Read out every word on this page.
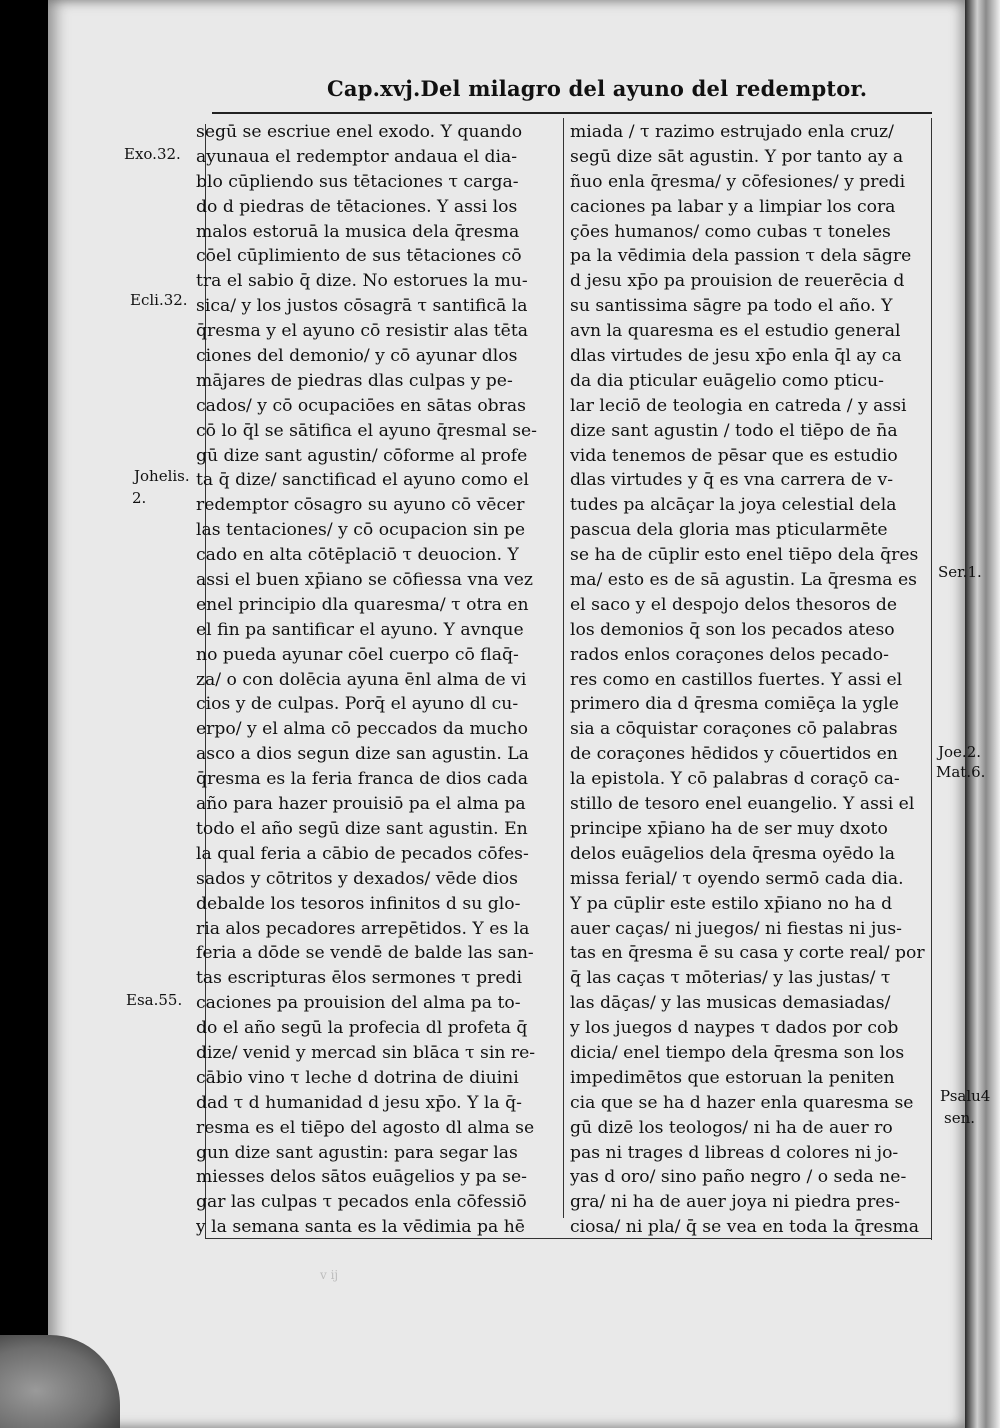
Cap.xvj.Del milagro del ayuno del redemptor.
segū se escriue enel exodo. Y quando
ayunaua el redemptor andaua el dia-
blo cūpliendo sus tētaciones τ carga-
do d piedras de tētaciones. Y assi los
malos estoruā la musica dela q̄resma
cōel cūplimiento de sus tētaciones cō
tra el sabio q̄ dize. No estorues la mu-
sica/ y los justos cōsagrā τ santificā la
q̄resma y el ayuno cō resistir alas tēta
ciones del demonio/ y cō ayunar dlos
mājares de piedras dlas culpas y pe-
cados/ y cō ocupaciōes en sātas obras
cō lo q̄l se sātifica el ayuno q̄resmal se-
gū dize sant agustin/ cōforme al profe
ta q̄ dize/ sanctificad el ayuno como el
redemptor cōsagro su ayuno cō vēcer
las tentaciones/ y cō ocupacion sin pe
cado en alta cōtēplaciō τ deuocion. Y
assi el buen xp̄iano se cōfiessa vna vez
enel principio dla quaresma/ τ otra en
el fin pa santificar el ayuno. Y avnque
no pueda ayunar cōel cuerpo cō flaq̄-
za/ o con dolēcia ayuna ēnl alma de vi
cios y de culpas. Porq̄ el ayuno dl cu-
erpo/ y el alma cō peccados da mucho
asco a dios segun dize san agustin. La
q̄resma es la feria franca de dios cada
año para hazer prouisiō pa el alma pa
todo el año segū dize sant agustin. En
la qual feria a cābio de pecados cōfes-
sados y cōtritos y dexados/ vēde dios
debalde los tesoros infinitos d su glo-
ria alos pecadores arrepētidos. Y es la
feria a dōde se vendē de balde las san-
tas escripturas ēlos sermones τ predi
caciones pa prouision del alma pa to-
do el año segū la profecia dl profeta q̄
dize/ venid y mercad sin blāca τ sin re-
cābio vino τ leche d dotrina de diuini
dad τ d humanidad d jesu xp̄o. Y la q̄-
resma es el tiēpo del agosto dl alma se
gun dize sant agustin: para segar las
miesses delos sātos euāgelios y pa se-
gar las culpas τ pecados enla cōfessiō
y la semana santa es la vēdimia pa hē
miada / τ razimo estrujado enla cruz/
segū dize sāt agustin. Y por tanto ay a
ñuo enla q̄resma/ y cōfesiones/ y predi
caciones pa labar y a limpiar los cora
çōes humanos/ como cubas τ toneles
pa la vēdimia dela passion τ dela sāgre
d jesu xp̄o pa prouision de reuerēcia d
su santissima sāgre pa todo el año. Y
avn la quaresma es el estudio general
dlas virtudes de jesu xp̄o enla q̄l ay ca
da dia pticular euāgelio como pticu-
lar leciō de teologia en catreda / y assi
dize sant agustin / todo el tiēpo de n̄a
vida tenemos de pēsar que es estudio
dlas virtudes y q̄ es vna carrera de v-
tudes pa alcāçar la joya celestial dela
pascua dela gloria mas pticularmēte
se ha de cūplir esto enel tiēpo dela q̄res
ma/ esto es de sā agustin. La q̄resma es
el saco y el despojo delos thesoros de
los demonios q̄ son los pecados ateso
rados enlos coraçones delos pecado-
res como en castillos fuertes. Y assi el
primero dia d q̄resma comiēça la ygle
sia a cōquistar coraçones cō palabras
de coraçones hēdidos y cōuertidos en
la epistola. Y cō palabras d coraçō ca-
stillo de tesoro enel euangelio. Y assi el
principe xp̄iano ha de ser muy dxoto
delos euāgelios dela q̄resma oyēdo la
missa ferial/ τ oyendo sermō cada dia.
Y pa cūplir este estilo xp̄iano no ha d
auer caças/ ni juegos/ ni fiestas ni jus-
tas en q̄resma ē su casa y corte real/ por
q̄ las caças τ mōterias/ y las justas/ τ
las dāças/ y las musicas demasiadas/
y los juegos d naypes τ dados por cob
dicia/ enel tiempo dela q̄resma son los
impedimētos que estoruan la peniten
cia que se ha d hazer enla quaresma se
gū dizē los teologos/ ni ha de auer ro
pas ni trages d libreas d colores ni jo-
yas d oro/ sino paño negro / o seda ne-
gra/ ni ha de auer joya ni piedra pres-
ciosa/ ni pla/ q̄ se vea en toda la q̄resma
Exo.32.
Ecli.32.
Johelis.
2.
Esa.55.
Ser.1.
Joe.2.
Mat.6.
Psalu4
sen.
v ij
